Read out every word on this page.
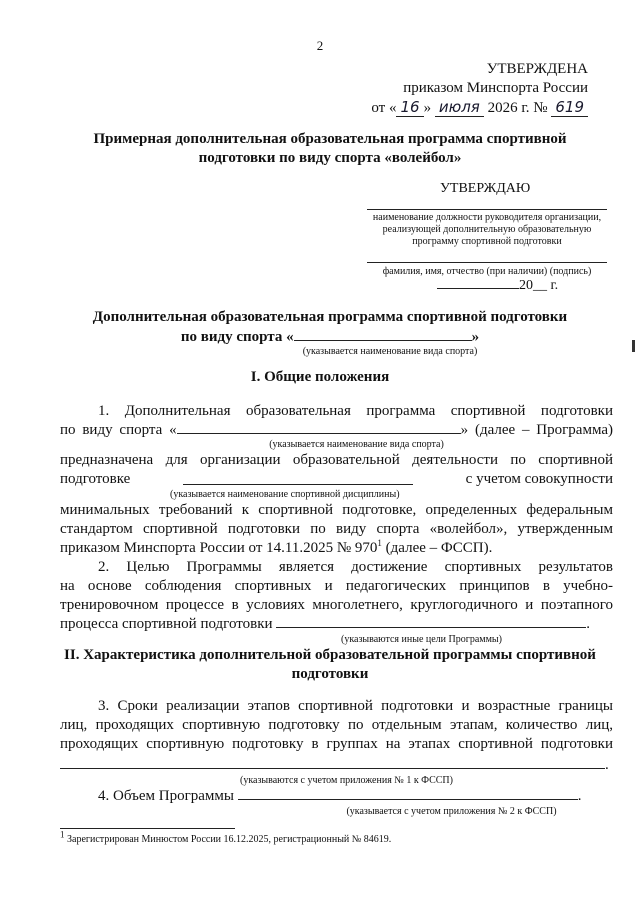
2
УТВЕРЖДЕНА
приказом Минспорта России
от « 16 » июля 2026 г. № 619
Примерная дополнительная образовательная программа спортивной подготовки по виду спорта «волейбол»
УТВЕРЖДАЮ
наименование должности руководителя организации, реализующей дополнительную образовательную программу спортивной подготовки
фамилия, имя, отчество (при наличии) (подпись)
20__ г.
Дополнительная образовательная программа спортивной подготовки
по виду спорта «	»
(указывается наименование вида спорта)
I. Общие положения
1. Дополнительная образовательная программа спортивной подготовки
по виду спорта «	» (далее – Программа)
(указывается наименование вида спорта)
предназначена для организации образовательной деятельности по спортивной
подготовке	с учетом совокупности
(указывается наименование спортивной дисциплины)
минимальных требований к спортивной подготовке, определенных федеральным
стандартом спортивной подготовки по виду спорта «волейбол», утвержденным
приказом Минспорта России от 14.11.2025 № $970^1$ (далее – ФССП).
2. Целью Программы является достижение спортивных результатов
на основе соблюдения спортивных и педагогических принципов в учебно-
тренировочном процессе в условиях многолетнего, круглогодичного и поэтапного
процесса спортивной подготовки	.
(указываются иные цели Программы)
II. Характеристика дополнительной образовательной программы спортивной
подготовки
3. Сроки реализации этапов спортивной подготовки и возрастные границы
лиц, проходящих спортивную подготовку по отдельным этапам, количество лиц,
проходящих спортивную подготовку в группах на этапах спортивной подготовки
.
(указываются с учетом приложения № 1 к ФССП)
4. Объем Программы	.
(указывается с учетом приложения № 2 к ФССП)
$^1$ Зарегистрирован Минюстом России 16.12.2025, регистрационный № 84619.
